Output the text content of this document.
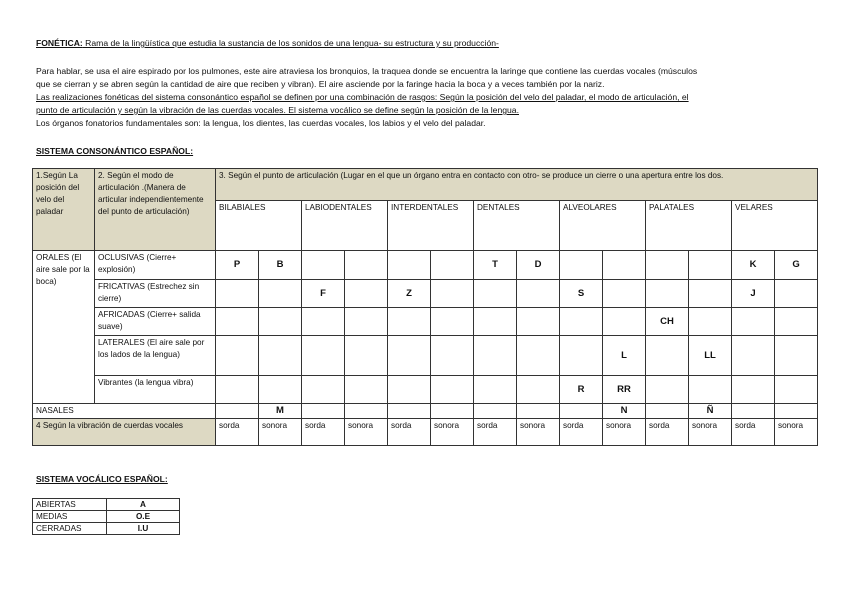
FONÉTICA: Rama de la lingüística que estudia la sustancia de los sonidos de una lengua- su estructura y su producción-
Para hablar, se usa el aire espirado por los pulmones, este aire atraviesa los bronquios, la traquea donde se encuentra la laringe que contiene las cuerdas vocales (músculos
que se cierran y se abren según la cantidad de aire que reciben y vibran). El aire asciende por la faringe hacia la boca y a veces también por la nariz.
Las realizaciones fonéticas del sistema consonántico español se definen por una combinación de rasgos: Según la posición del velo del paladar, el modo de articulación, el
punto de articulación y según la vibración de las cuerdas vocales. El sistema vocálico se define según la posición de la lengua.
Los órganos fonatorios fundamentales son: la lengua, los dientes, las cuerdas vocales, los labios y el velo del paladar.
SISTEMA CONSONÁNTICO ESPAÑOL:
1.Según La posición del velo del paladar	2. Según el modo de articulación .(Manera de articular independientemente del punto de articulación)	3. Según el punto de articulación (Lugar en el que un órgano entra en contacto con otro- se produce un cierre o una apertura entre los dos.													
		BILABIALES		LABIODENTALES		INTERDENTALES		DENTALES		ALVEOLARES		PALATALES		VELARES	
ORALES (El aire sale por la boca)	OCLUSIVAS (Cierre+ explosión)	P	B					T	D					K	G
	FRICATIVAS (Estrechez sin cierre)			F		Z				S				J	
	AFRICADAS (Cierre+ salida suave)											CH			
	LATERALES (El aire sale por los lados de la lengua)										L		LL		
	Vibrantes (la lengua vibra)									R	RR				
NASALES			M								N		Ñ		
4 Según la vibración de cuerdas vocales		sorda	sonora	sorda	sonora	sorda	sonora	sorda	sonora	sorda	sonora	sorda	sonora	sorda	sonora
SISTEMA VOCÁLICO ESPAÑOL:
ABIERTAS	A
MEDIAS	O.E
CERRADAS	I.U
